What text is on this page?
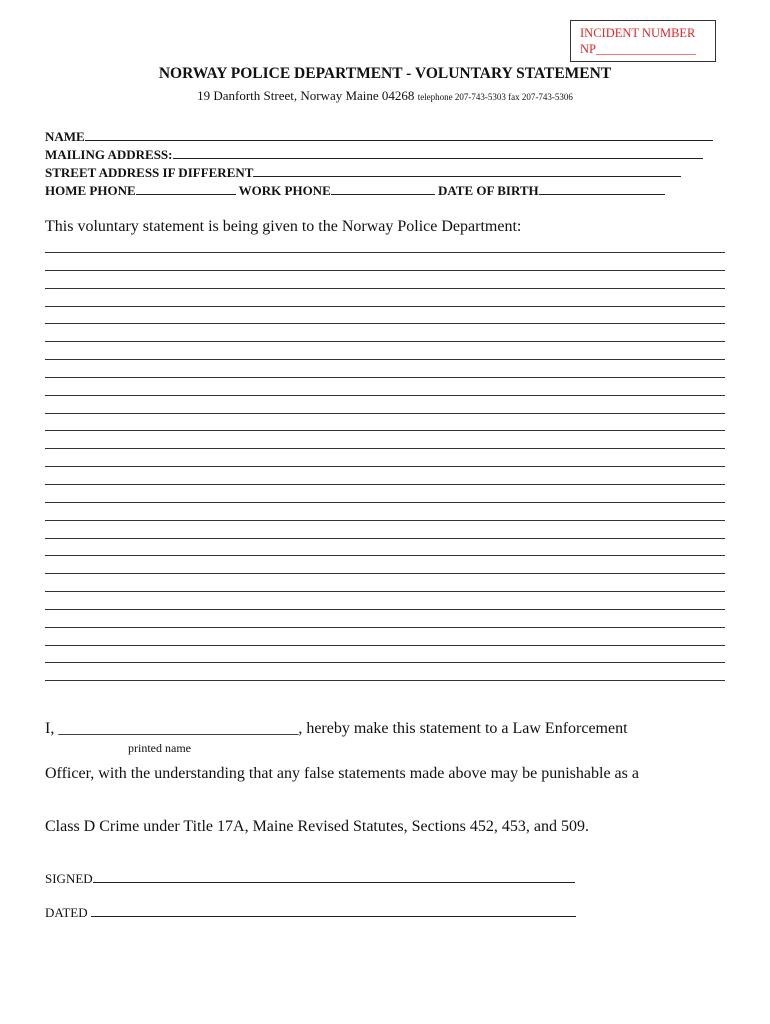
INCIDENT NUMBER
NP________________
NORWAY POLICE DEPARTMENT - VOLUNTARY STATEMENT
19 Danforth Street, Norway Maine 04268 telephone 207-743-5303 fax 207-743-5306
NAME
MAILING ADDRESS:
STREET ADDRESS IF DIFFERENT
HOME PHONE	WORK PHONE	DATE OF BIRTH
This voluntary statement is being given to the Norway Police Department:
I, ______________________________, hereby make this statement to a Law Enforcement
printed name
Officer, with the understanding that any false statements made above may be punishable as a
Class D Crime under Title 17A, Maine Revised Statutes, Sections 452, 453, and 509.
SIGNED
DATED
